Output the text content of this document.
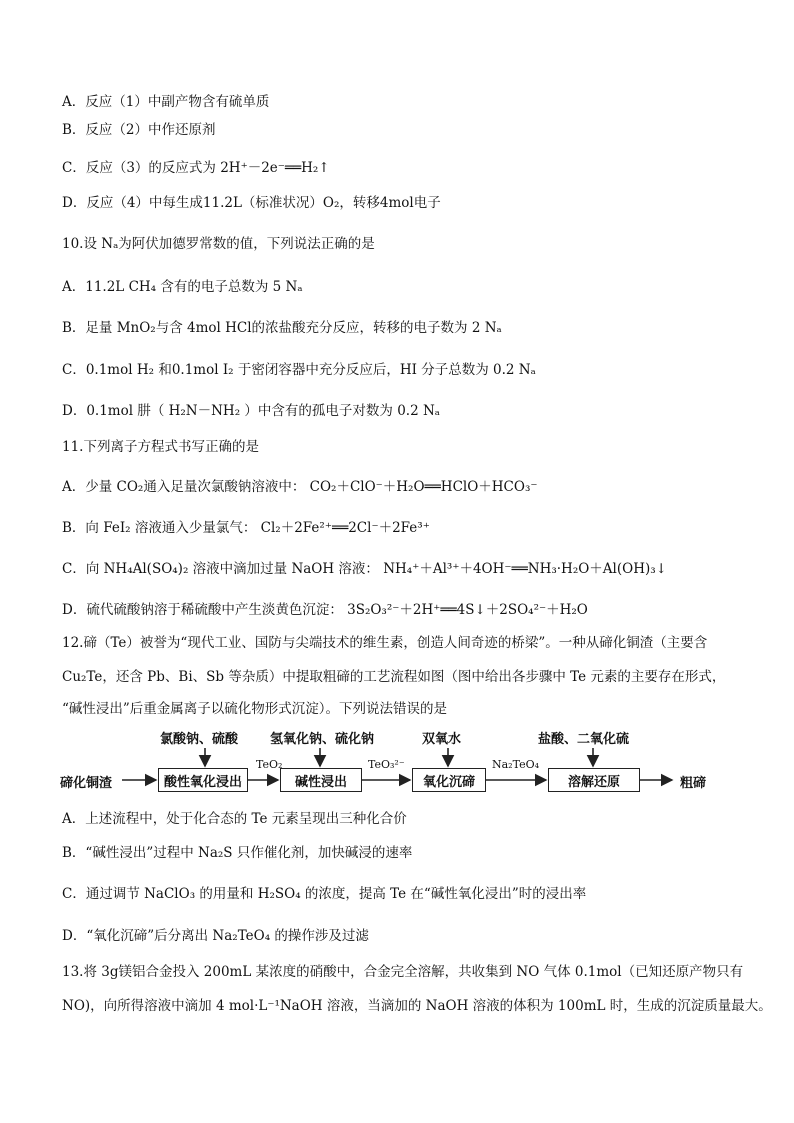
A．反应（1）中副产物含有硫单质
B．反应（2）中作还原剂
C．反应（3）的反应式为 2H⁺－2e⁻══H₂↑
D．反应（4）中每生成11.2L（标准状况）O₂，转移4mol电子
10.设 Nₐ为阿伏加德罗常数的值，下列说法正确的是
A．11.2L CH₄ 含有的电子总数为 5 Nₐ
B．足量 MnO₂与含 4mol HCl的浓盐酸充分反应，转移的电子数为 2 Nₐ
C．0.1mol H₂ 和0.1mol I₂ 于密闭容器中充分反应后，HI 分子总数为 0.2 Nₐ
D．0.1mol 肼（ H₂N－NH₂ ）中含有的孤电子对数为 0.2 Nₐ
11.下列离子方程式书写正确的是
A．少量 CO₂通入足量次氯酸钠溶液中： CO₂＋ClO⁻＋H₂O══HClO＋HCO₃⁻
B．向 FeI₂ 溶液通入少量氯气： Cl₂＋2Fe²⁺══2Cl⁻＋2Fe³⁺
C．向 NH₄Al(SO₄)₂ 溶液中滴加过量 NaOH 溶液： NH₄⁺＋Al³⁺＋4OH⁻══NH₃·H₂O＋Al(OH)₃↓
D．硫代硫酸钠溶于稀硫酸中产生淡黄色沉淀： 3S₂O₃²⁻＋2H⁺══4S↓＋2SO₄²⁻＋H₂O
12.碲（Te）被誉为“现代工业、国防与尖端技术的维生素，创造人间奇迹的桥梁”。一种从碲化铜渣（主要含
Cu₂Te，还含 Pb、Bi、Sb 等杂质）中提取粗碲的工艺流程如图（图中给出各步骤中 Te 元素的主要存在形式，
“碱性浸出”后重金属离子以硫化物形式沉淀）。下列说法错误的是
碲化铜渣	粗碲
氯酸钠、硫酸 氢氧化钠、硫化钠	双氧水	盐酸、二氧化硫
酸性氧化浸出	碱性浸出	氧化沉碲	溶解还原
TeO₂	TeO₃²⁻	Na₂TeO₄
A．上述流程中，处于化合态的 Te 元素呈现出三种化合价
B．“碱性浸出”过程中 Na₂S 只作催化剂，加快碱浸的速率
C．通过调节 NaClO₃ 的用量和 H₂SO₄ 的浓度，提高 Te 在“碱性氧化浸出”时的浸出率
D．“氧化沉碲”后分离出 Na₂TeO₄ 的操作涉及过滤
13.将 3g镁铝合金投入 200mL 某浓度的硝酸中，合金完全溶解，共收集到 NO 气体 0.1mol（已知还原产物只有
NO)，向所得溶液中滴加 4 mol·L⁻¹NaOH 溶液，当滴加的 NaOH 溶液的体积为 100mL 时，生成的沉淀质量最大。
